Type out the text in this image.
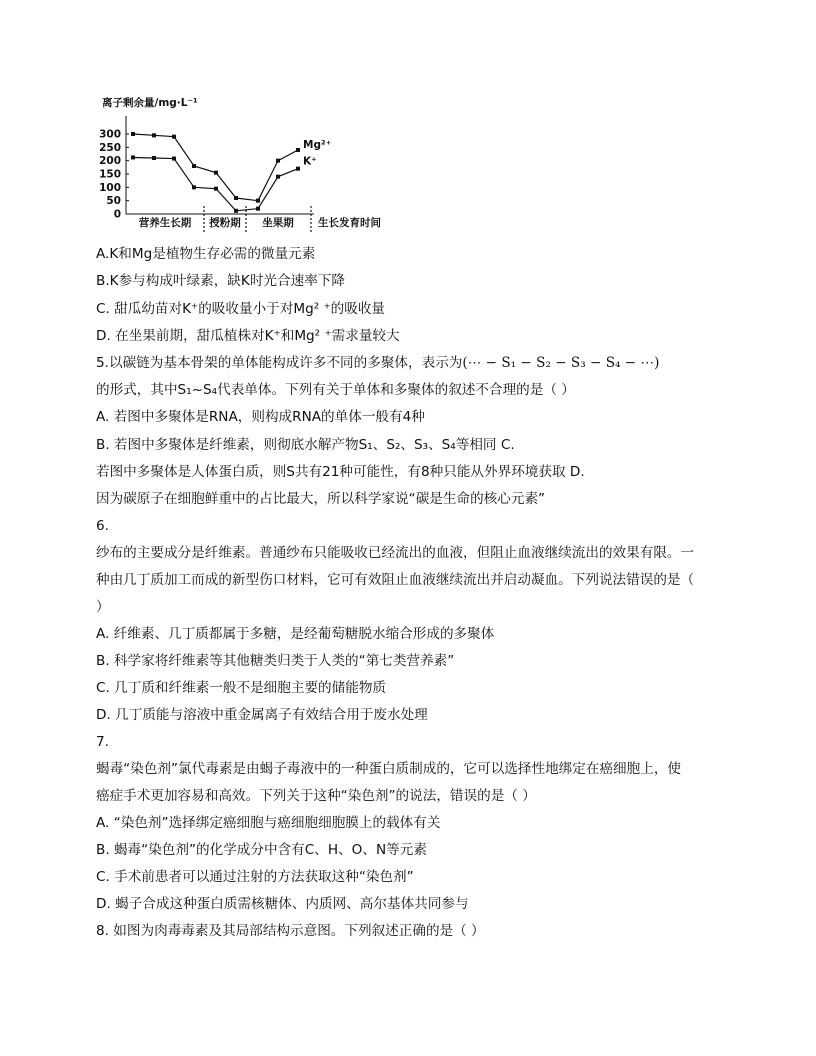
离子剩余量/mg·L⁻¹
300
250
200
150
100
50
0
营养生长期 授粉期 坐果期 生长发育时间
Mg²⁺
K⁺
A.K和Mg是植物生存必需的微量元素
B.K参与构成叶绿素，缺K时光合速率下降
C. 甜瓜幼苗对K⁺的吸收量小于对Mg² ⁺的吸收量
D. 在坐果前期，甜瓜植株对K⁺和Mg² ⁺需求量较大
5.以碳链为基本骨架的单体能构成许多不同的多聚体，表示为(⋯ − S₁ − S₂ − S₃ − S₄ − ⋯)
的形式，其中S₁~S₄代表单体。下列有关于单体和多聚体的叙述不合理的是（ ）
A. 若图中多聚体是RNA，则构成RNA的单体一般有4种
B. 若图中多聚体是纤维素，则彻底水解产物S₁、S₂、S₃、S₄等相同 C.
若图中多聚体是人体蛋白质，则S共有21种可能性，有8种只能从外界环境获取 D.
因为碳原子在细胞鲜重中的占比最大，所以科学家说“碳是生命的核心元素”
6.
纱布的主要成分是纤维素。普通纱布只能吸收已经流出的血液，但阻止血液继续流出的效果有限。一
种由几丁质加工而成的新型伤口材料，它可有效阻止血液继续流出并启动凝血。下列说法错误的是（
）
A. 纤维素、几丁质都属于多糖，是经葡萄糖脱水缩合形成的多聚体
B. 科学家将纤维素等其他糖类归类于人类的“第七类营养素”
C. 几丁质和纤维素一般不是细胞主要的储能物质
D. 几丁质能与溶液中重金属离子有效结合用于废水处理
7.
蝎毒“染色剂”氯代毒素是由蝎子毒液中的一种蛋白质制成的，它可以选择性地绑定在癌细胞上，使
癌症手术更加容易和高效。下列关于这种“染色剂”的说法，错误的是（ ）
A. “染色剂”选择绑定癌细胞与癌细胞细胞膜上的载体有关
B. 蝎毒“染色剂”的化学成分中含有C、H、O、N等元素
C. 手术前患者可以通过注射的方法获取这种“染色剂”
D. 蝎子合成这种蛋白质需核糖体、内质网、高尔基体共同参与
8. 如图为肉毒毒素及其局部结构示意图。下列叙述正确的是（ ）
